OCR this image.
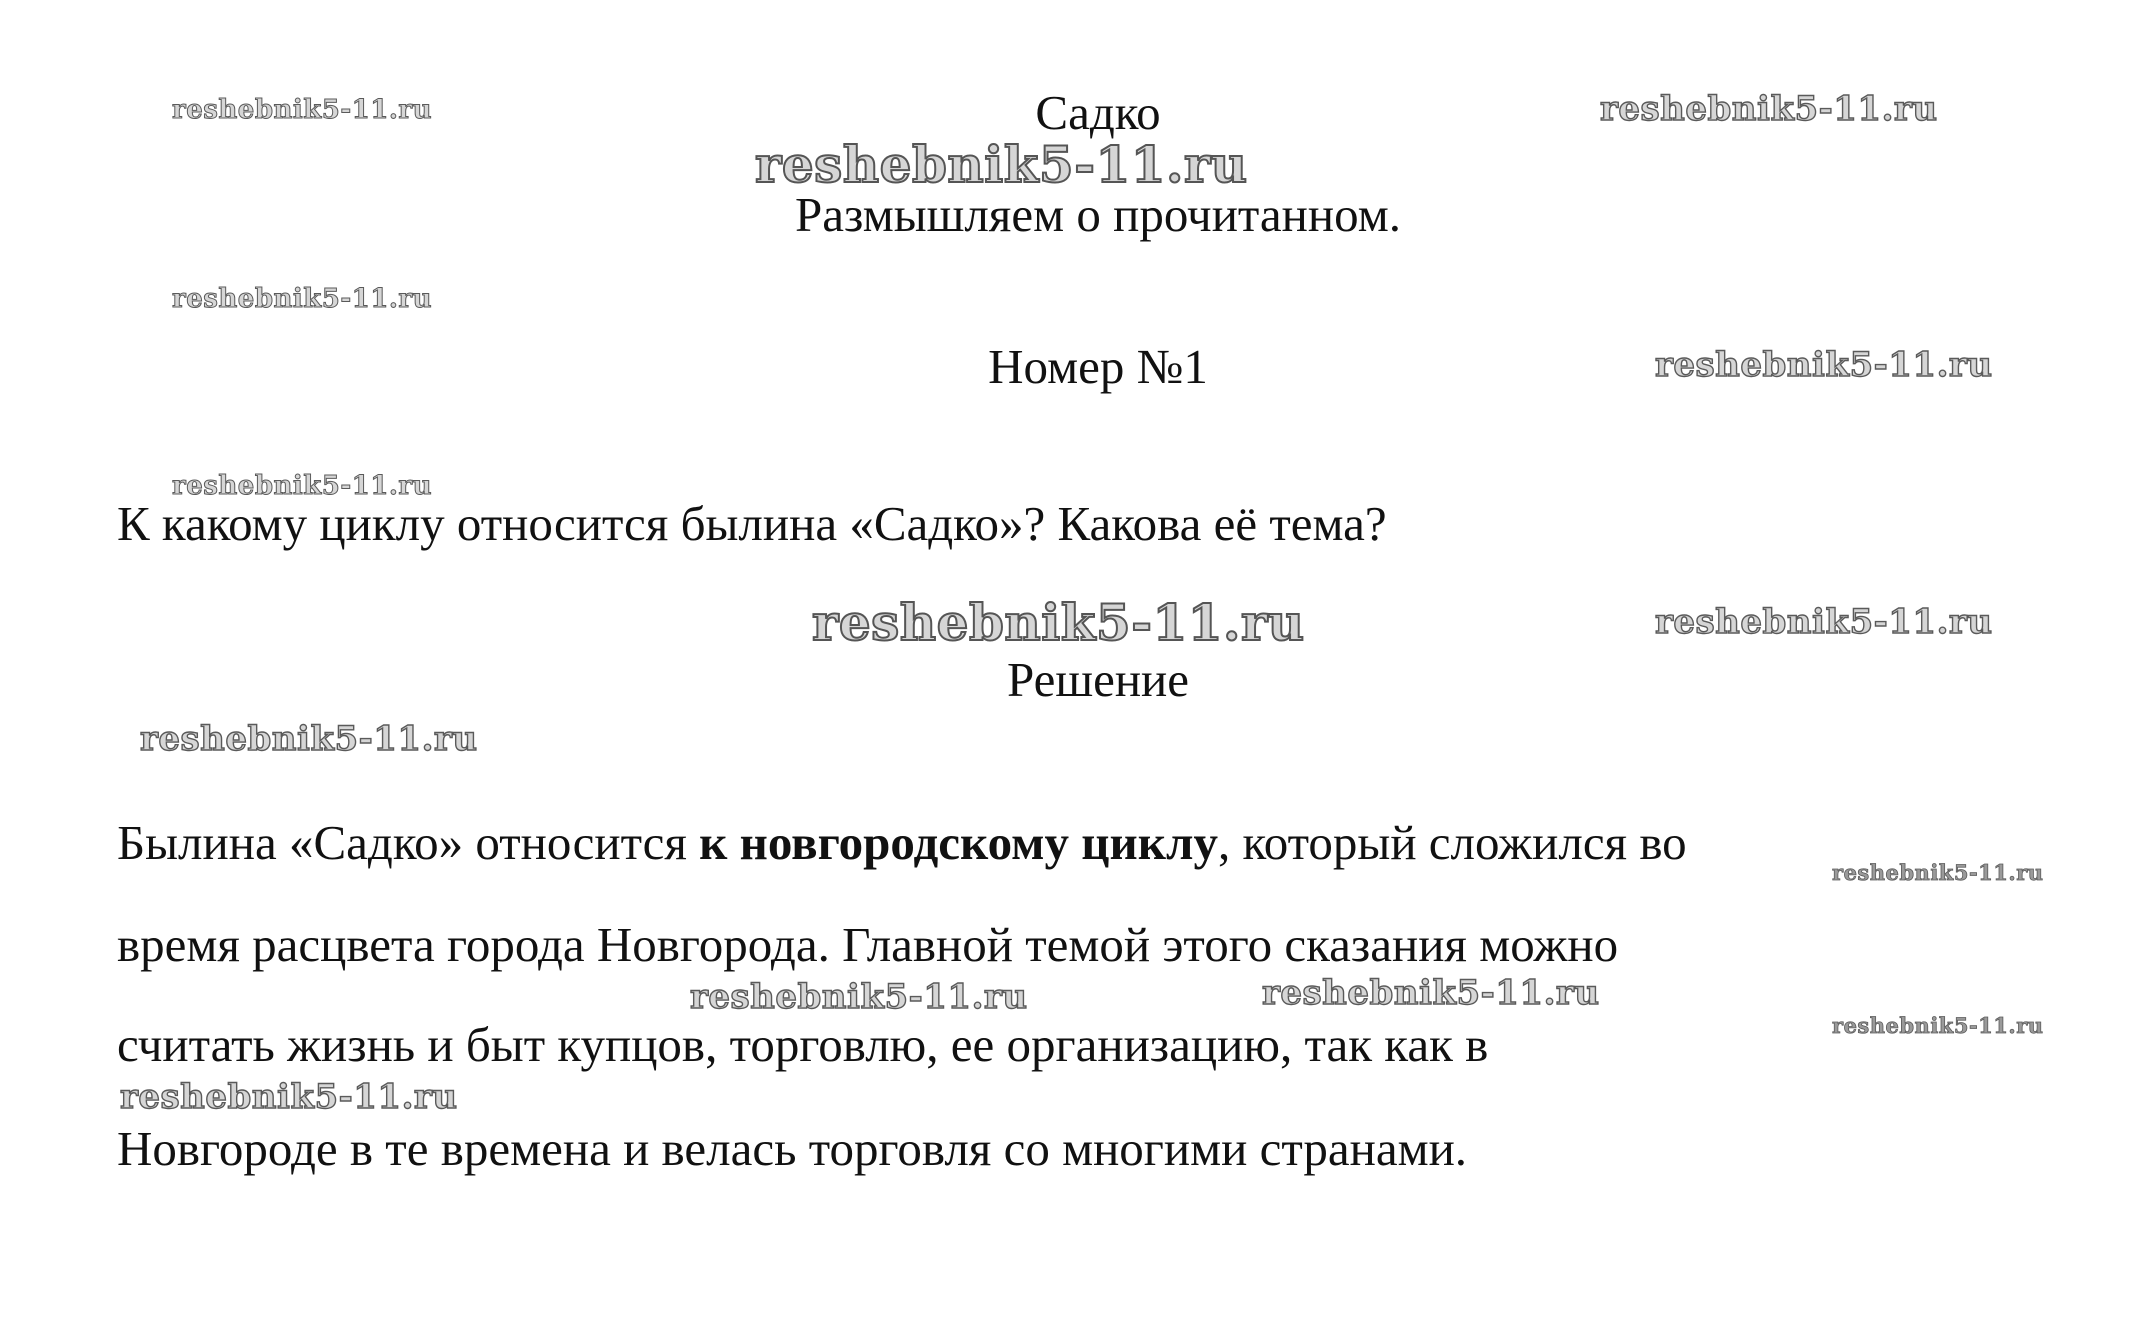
reshebnik5-11.ru	reshebnik5-11.ru
reshebnik5-11.ru
reshebnik5-11.ru
reshebnik5-11.ru
reshebnik5-11.ru
reshebnik5-11.ru	reshebnik5-11.ru
reshebnik5-11.ru
reshebnik5-11.ru
reshebnik5-11.ru	reshebnik5-11.ru
reshebnik5-11.ru
reshebnik5-11.ru
Садко
Размышляем о прочитанном.
Номер №1
К какому циклу относится былина «Садко»? Какова её тема?
Решение
Былина «Садко» относится к новгородскому циклу, который сложился во
время расцвета города Новгорода. Главной темой этого сказания можно
считать жизнь и быт купцов, торговлю, ее организацию, так как в
Новгороде в те времена и велась торговля со многими странами.
